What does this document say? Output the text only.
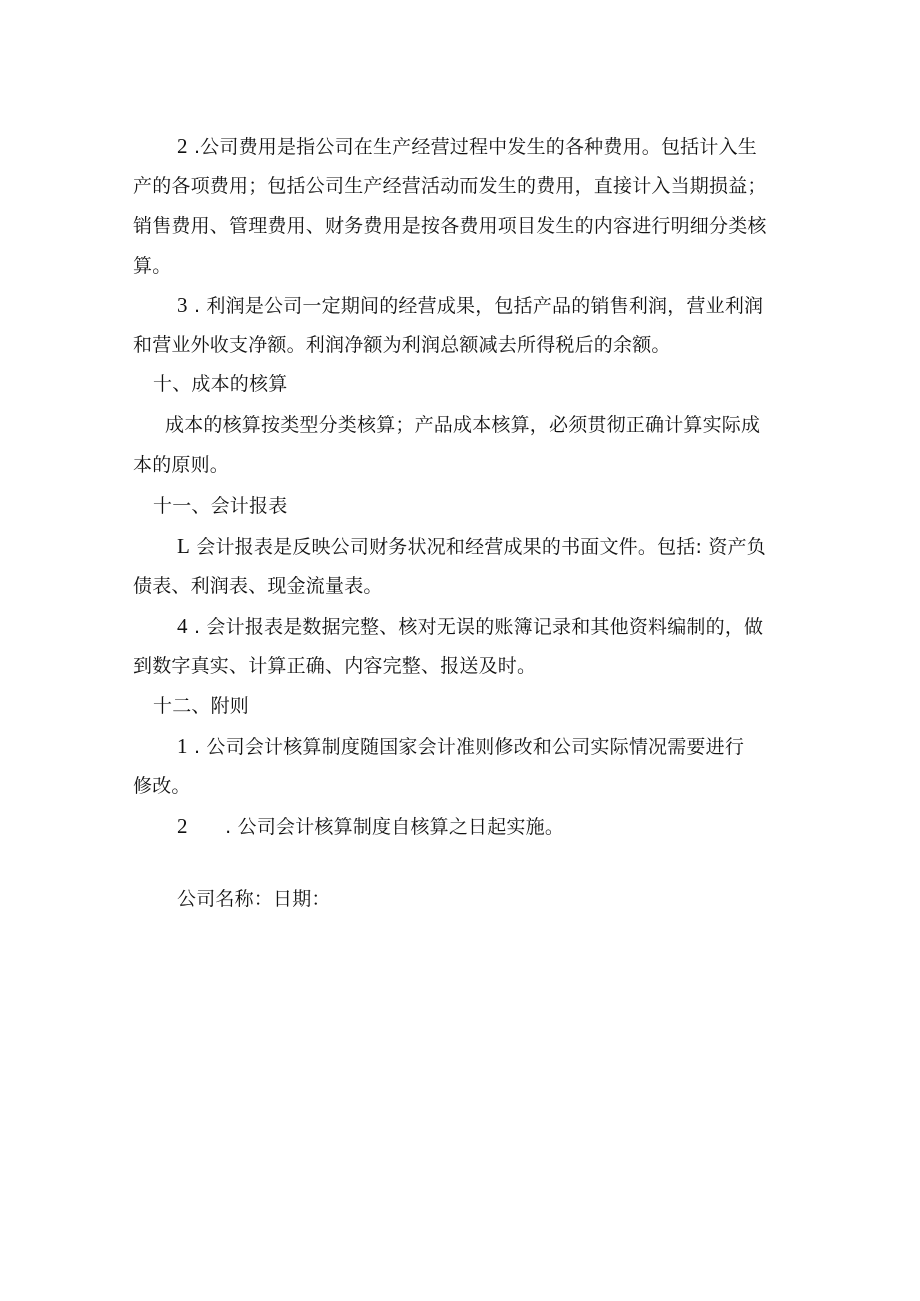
2 .公司费用是指公司在生产经营过程中发生的各种费用。包括计入生
产的各项费用；包括公司生产经营活动而发生的费用，直接计入当期损益；
销售费用、管理费用、财务费用是按各费用项目发生的内容进行明细分类核
算。
3 . 利润是公司一定期间的经营成果，包括产品的销售利润，营业利润
和营业外收支净额。利润净额为利润总额减去所得税后的余额。
十、成本的核算
成本的核算按类型分类核算；产品成本核算，必须贯彻正确计算实际成
本的原则。
十一、会计报表
L 会计报表是反映公司财务状况和经营成果的书面文件。包括: 资产负
债表、利润表、现金流量表。
4 . 会计报表是数据完整、核对无误的账簿记录和其他资料编制的，做
到数字真实、计算正确、内容完整、报送及时。
十二、附则
1 . 公司会计核算制度随国家会计准则修改和公司实际情况需要进行
修改。
2      . 公司会计核算制度自核算之日起实施。
公司名称：日期：
